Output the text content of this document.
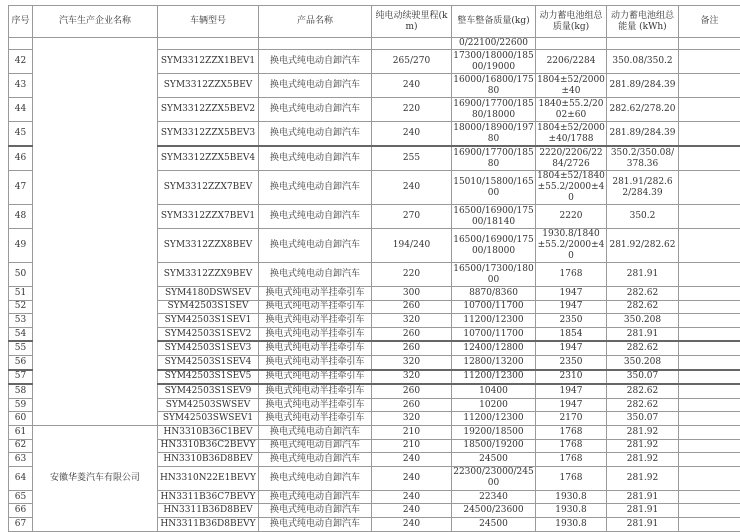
序号	汽车生产企业名称	车辆型号	产品名称	纯电动续驶里程(km)	整车整备质量(kg)	动力蓄电池组总质量(kg)	动力蓄电池组总能量 (kWh)	备注
					0/22100/22600			
42		SYM3312ZZX1BEV1	换电式纯电动自卸汽车	265/270	17300/18000/18500/19000	2206/2284	350.08/350.2	
43		SYM3312ZZX5BEV	换电式纯电动自卸汽车	240	16000/16800/17580	1804±52/2000±40	281.89/284.39	
44		SYM3312ZZX5BEV2	换电式纯电动自卸汽车	220	16900/17700/18580/18000	1840±55.2/2002±60	282.62/278.20	
45		SYM3312ZZX5BEV3	换电式纯电动自卸汽车	240	18000/18900/19780	1804±52/2000±40/1788	281.89/284.39	
46		SYM3312ZZX5BEV4	换电式纯电动自卸汽车	255	16900/17700/18580	2220/2206/2284/2726	350.2/350.08/378.36	
47		SYM3312ZZX7BEV	换电式纯电动自卸汽车	240	15010/15800/16500	1804±52/1840±55.2/2000±40	281.91/282.62/284.39	
48		SYM3312ZZX7BEV1	换电式纯电动自卸汽车	270	16500/16900/17500/18140	2220	350.2	
49		SYM3312ZZX8BEV	换电式纯电动自卸汽车	194/240	16500/16900/17500/18000	1930.8/1840±55.2/2000±40	281.92/282.62	
50		SYM3312ZZX9BEV	换电式纯电动自卸汽车	220	16500/17300/18000	1768	281.91	
51		SYM4180DSWSEV	换电式纯电动半挂牵引车	300	8870/8360	1947	282.62	
52		SYM42503S1SEV	换电式纯电动半挂牵引车	260	10700/11700	1947	282.62	
53		SYM42503S1SEV1	换电式纯电动半挂牵引车	320	11200/12300	2350	350.208	
54		SYM42503S1SEV2	换电式纯电动半挂牵引车	260	10700/11700	1854	281.91	
55		SYM42503S1SEV3	换电式纯电动半挂牵引车	260	12400/12800	1947	282.62	
56		SYM42503S1SEV4	换电式纯电动半挂牵引车	320	12800/13200	2350	350.208	
57		SYM42503S1SEV5	换电式纯电动半挂牵引车	320	11200/12300	2310	350.07	
58		SYM42503S1SEV9	换电式纯电动半挂牵引车	260	10400	1947	282.62	
59		SYM42503SWSEV	换电式纯电动半挂牵引车	260	10200	1947	282.62	
60		SYM42503SWSEV1	换电式纯电动半挂牵引车	320	11200/12300	2170	350.07	
61	安徽华菱汽车有限公司	HN3310B36C1BEV	换电式纯电动自卸汽车	210	19200/18500	1768	281.92	
62		HN3310B36C2BEVY	换电式纯电动自卸汽车	210	18500/19200	1768	281.92	
63		HN3310B36D8BEV	换电式纯电动自卸汽车	240	24500	1768	281.92	
64		HN3310N22E1BEVY	换电式纯电动自卸汽车	240	22300/23000/24500	1768	281.92	
65		HN3311B36C7BEVY	换电式纯电动自卸汽车	240	22340	1930.8	281.91	
66		HN3311B36D8BEV	换电式纯电动自卸汽车	240	24500/23600	1930.8	281.91	
67		HN3311B36D8BEVY	换电式纯电动自卸汽车	240	24500	1930.8	281.91	
